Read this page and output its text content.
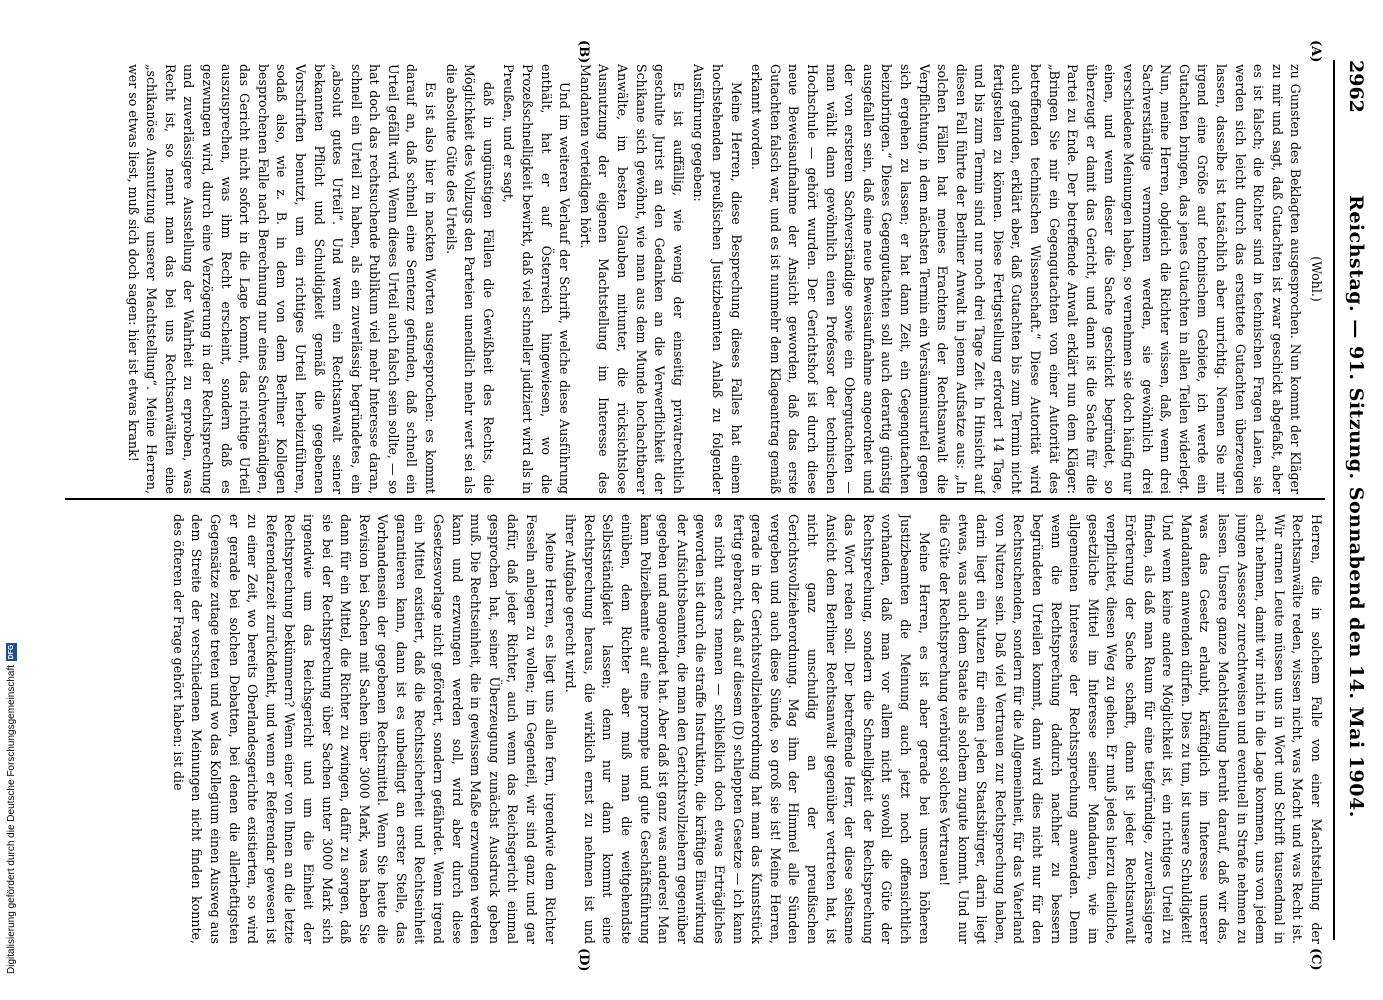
2962
Reichstag. — 91. Sitzung. Sonnabend den 14. Mai 1904.
(A)
(B)
(C)
(D)

(Wohl.)

zu Gunsten des Beklagten ausgesprochen. Nun kommt der Kläger zu mir und sagt, daß Gutachten ist zwar geschickt abgefaßt, aber es ist falsch; die Richter sind in technischen Fragen Laien, sie werden sich leicht durch das erstattete Gutachten überzeugen lassen, dasselbe ist tatsächlich aber unrichtig. Nennen Sie mir irgend eine Größe auf technischem Gebiete, ich werde ein Gutachten bringen, das jenes Gutachten in allen Teilen widerlegt. Nun, meine Herren, obgleich die Richter wissen, daß, wenn drei Sachverständige vernommen werden, sie gewöhnlich drei verschiedene Meinungen haben, so vernehmen sie doch häufig nur einen, und wenn dieser die Sache geschickt begründet, so überzeugt er damit das Gericht, und dann ist die Sache für die Partei zu Ende. Der betreffende Anwalt erklärt nun dem Kläger: „Bringen Sie mir ein Gegengutachten von einer Autorität des betreffenden technischen Wissenschaft.“ Diese Autorität wird auch gefunden, erklärt aber, daß Gutachten bis zum Termin nicht fertigstellen zu können. Diese Fertigstellung erfordert 14 Tage, und bis zum Termin sind nur noch drei Tage Zeit. In Hinsicht auf diesen Fall führte der Berliner Anwalt in jenem Aufsatze aus: „In solchen Fällen hat meines Erachtens der Rechtsanwalt die Verpflichtung, in dem nächsten Termin ein Versäumnisurteil gegen sich ergehen zu lassen; er hat dann Zeit, ein Gegengutachten beizubringen.“ Dieses Gegengutachten soll auch derartig günstig ausgefallen sein, daß eine neue Beweisaufnahme angeordnet und der von ersterem Sachverständige sowie ein Obergutachten — man wählt dann gewöhnlich einen Professor der technischen Hochschule — gehört wurden. Der Gerichtshof ist durch diese neue Beweisaufnahme der Ansicht geworden, daß das erste Gutachten falsch war, und es ist nunmehr dem Klageantrag gemäß erkannt worden.

Meine Herren, diese Besprechung dieses Falles hat einem hochstehenden preußischen Justizbeamten Anlaß zu folgender Ausführung gegeben:

Es ist auffällig, wie wenig der einseitig privatrechtlich geschulte Jurist an den Gedanken an die Verwerflichkeit der Schikane sich gewöhnt, wie man aus dem Munde hochachtbarer Anwälte, im besten Glauben mitunter, die rücksichtslose Ausnutzung der eigenen Machtstellung im Interesse des Mandanten verteidigen hört.

Und im weiteren Verlauf der Schrift, welche diese Ausführung enthält, hat er auf Österreich hingewiesen, wo die Prozeßschnelligkeit bewirkt, daß viel schneller judiziert wird als in Preußen, und er sagt,

daß in ungünstigen Fällen die Gewißheit des Rechts, die Möglichkeit des Vollzugs den Parteien unendlich mehr wert sei als die absolute Güte des Urteils.

Es ist also hier in nackten Worten ausgesprochen: es kommt darauf an, daß schnell eine Sentenz gefunden, daß schnell ein Urteil gefällt wird. Wenn dieses Urteil auch falsch sein sollte, — so hat doch das rechtsuchende Publikum viel mehr Interesse daran, schnell ein Urteil zu haben, als ein zuverlässig begründetes, ein „absolut gutes Urteil“. Und wenn ein Rechtsanwalt seiner bekannten Pflicht und Schuldigkeit gemäß die gegebenen Vorschriften benutzt, um ein richtiges Urteil herbeizuführen, sodaß also, wie z. B. in dem von dem Berliner Kollegen besprochenen Falle nach Berechnung nur eines Sachverständigen, das Gericht nicht sofort in die Lage kommt, das richtige Urteil auszusprechen, was ihm Recht erscheint, sondern daß es gezwungen wird, durch eine Verzögerung in der Rechtsprechung und zuverlässigere Ausstellung der Wahrheit zu erproben, was Recht ist, so nennt man das bei uns Rechtsanwälten eine „schikanöse Ausnutzung unserer Machtstellung“. Meine Herren, wer so etwas liest, muß sich doch sagen: hier ist etwas krank!

Herren, die in solchem Falle von einer Machtstellung der Rechtsanwälte reden, wissen nicht, was Macht und was Recht ist. Wir armen Leute müssen uns in Wort und Schrift tausendmal in acht nehmen, damit wir nicht in die Lage kommen, uns von jedem jungen Assessor zurechtweisen und eventuell in Strafe nehmen zu lassen. Unsere ganze Machtstellung beruht darauf, daß wir das, was das Gesetz erlaubt, kräftiglich im Interesse unserer Mandanten anwenden dürfen. Dies zu tun, ist unsere Schuldigkeit! Und wenn keine andere Möglichkeit ist, ein richtiges Urteil zu finden, als daß man Raum für eine tiefgründige, zuverlässigere Erörterung der Sache schafft, dann ist jeder Rechtsanwalt verpflichtet, diesen Weg zu gehen. Er muß jedes hierzu dienliche, gesetzliche Mittel im Interesse seiner Mandanten, wie im allgemeinen Interesse der Rechtssprechung anwenden. Denn wenn die Rechtsprechung dadurch nachher zu bessern begründeten Urteilen kommt, dann wird dies nicht nur für den Rechtsuchenden, sondern für die Allgemeinheit, für das Vaterland von Nutzen sein. Daß viel Vertrauen zur Rechtsprechung haben, darin liegt ein Nutzen für einen jeden Staatsbürger, darin liegt etwas, was auch dem Staate als solchem zugute kommt. Und nur die Güte der Rechtsprechung verbürgt solches Vertrauen!

Meine Herren, es ist aber gerade bei unseren höheren Justizbeamten die Meinung auch jetzt noch offensichtlich vorhanden, daß man vor allem nicht sowohl die Güte der Rechtsprechung, sondern die Schnelligkeit der Rechtsprechung das Wort reden soll. Der betreffende Herr, der diese seltsame Ansicht dem Berliner Rechtsanwalt gegenüber vertreten hat, ist nicht ganz unschuldig an der preußischen Gerichtsvollzieherordnung. Mag ihm der Himmel alle Sünden vergeben und auch diese Sünde, so groß sie ist! Meine Herren, gerade in der Gerichtsvollzieherordnung hat man das Kunststück fertig gebracht, daß auf diesem (D) schleppten Gesetze — ich kann es nicht anders nennen — schließlich doch etwas Erträgliches geworden ist durch die straffe Instruktion, die kräftige Einwirkung der Aufsichtsbeamten, die man den Gerichtsvollziehern gegenüber gegeben und angeordnet hat. Aber daß ist ganz was anderes! Man kann Polizeibeamte auf eine prompte und gute Geschäftsführung einüben, dem Richter aber muß man die weitgehendste Selbstständigkeit lassen; denn nur dann kommt eine Rechtsprechung heraus, die wirklich ernst zu nehmen ist und ihrer Aufgabe gerecht wird.

Meine Herren, es liegt uns allen fern, irgendwie dem Richter Fesseln anlegen zu wollen; im Gegenteil, wir sind ganz und gar dafür, daß jeder Richter, auch wenn das Reichsgericht einmal gesprochen hat, seiner Überzeugung zunächst Ausdruck geben muß. Die Rechtseinheit, die in gewissem Maße erzwungen werden kann und erzwungen werden soll, wird aber durch diese Gesetzesvorlage nicht gefördert, sondern gefährdet. Wenn irgend ein Mittel existiert, daß die Rechtssicherheit und Rechtseinheit garantieren kann, dann ist es unbedingt an erster Stelle, das Vorhandensein der gegebenen Rechtsmittel. Wenn Sie heute die Revision bei Sachen mit Sachen über 3000 Mark, was haben Sie dann für ein Mittel, die Richter zu zwingen, dafür zu sorgen, daß sie bei der Rechtsprechung über Sachen unter 3000 Mark sich irgendwie um das Reichsgericht und um die Einheit der Rechtsprechung bekümmern? Wenn einer von Ihnen an die letzte Referendarzeit zurückdenkt, und wenn er Referendar gewesen ist zu einer Zeit, wo bereits Oberlandesgerichte existierten, so wird er gerade bei solchen Debatten, bei denen die allerheftigsten Gegensätze zutage treten und wo das Kollegium einen Ausweg aus dem Streite der verschiedenen Meinungen nicht finden konnte, des öfteren der Frage gehört haben: ist die

Digitalisierung gefördert durch die Deutsche Forschungsgemeinschaft
DFG
